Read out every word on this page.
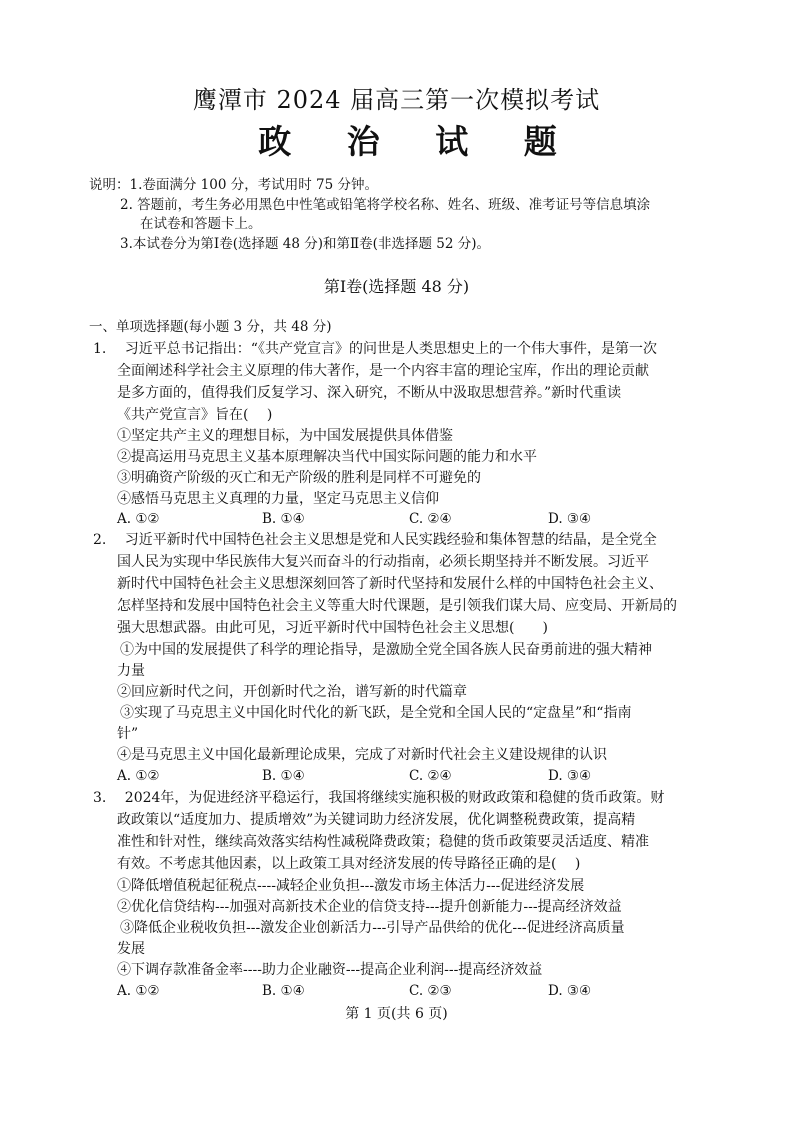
鹰潭市 2024 届高三第一次模拟考试
政 治 试 题
说明：1.卷面满分 100 分，考试用时 75 分钟。
2. 答题前，考生务必用黑色中性笔或铅笔将学校名称、姓名、班级、准考证号等信息填涂
在试卷和答题卡上。
3.本试卷分为第Ⅰ卷(选择题 48 分)和第Ⅱ卷(非选择题 52 分)。
第Ⅰ卷(选择题 48 分)
一、单项选择题(每小题 3 分，共 48 分)
1.　 习近平总书记指出：“《共产党宣言》的问世是人类思想史上的一个伟大事件，是第一次
全面阐述科学社会主义原理的伟大著作，是一个内容丰富的理论宝库，作出的理论贡献
是多方面的，值得我们反复学习、深入研究，不断从中汲取思想营养。”新时代重读
《共产党宣言》旨在(　 )
①坚定共产主义的理想目标，为中国发展提供具体借鉴
②提高运用马克思主义基本原理解决当代中国实际问题的能力和水平
③明确资产阶级的灭亡和无产阶级的胜利是同样不可避免的
④感悟马克思主义真理的力量，坚定马克思主义信仰
A. ①②	B. ①④	C. ②④	D. ③④
2.　 习近平新时代中国特色社会主义思想是党和人民实践经验和集体智慧的结晶，是全党全
国人民为实现中华民族伟大复兴而奋斗的行动指南，必须长期坚持并不断发展。习近平
新时代中国特色社会主义思想深刻回答了新时代坚持和发展什么样的中国特色社会主义、
怎样坚持和发展中国特色社会主义等重大时代课题，是引领我们谋大局、应变局、开新局的
强大思想武器。由此可见，习近平新时代中国特色社会主义思想(　　)
①为中国的发展提供了科学的理论指导，是激励全党全国各族人民奋勇前进的强大精神
力量
②回应新时代之问，开创新时代之治，谱写新的时代篇章
③实现了马克思主义中国化时代化的新飞跃，是全党和全国人民的“定盘星”和“指南
针”
④是马克思主义中国化最新理论成果，完成了对新时代社会主义建设规律的认识
A. ①②	B. ①④	C. ②④	D. ③④
3.　 2024年，为促进经济平稳运行，我国将继续实施积极的财政政策和稳健的货币政策。财
政政策以“适度加力、提质增效”为关键词助力经济发展，优化调整税费政策，提高精
准性和针对性，继续高效落实结构性减税降费政策；稳健的货币政策要灵活适度、精准
有效。不考虑其他因素，以上政策工具对经济发展的传导路径正确的是(　 )
①降低增值税起征税点----减轻企业负担---激发市场主体活力---促进经济发展
②优化信贷结构---加强对高新技术企业的信贷支持---提升创新能力---提高经济效益
③降低企业税收负担---激发企业创新活力---引导产品供给的优化---促进经济高质量
发展
④下调存款准备金率----助力企业融资---提高企业利润---提高经济效益
A. ①②	B. ①④	C. ②③	D. ③④
第 1 页(共 6 页)
